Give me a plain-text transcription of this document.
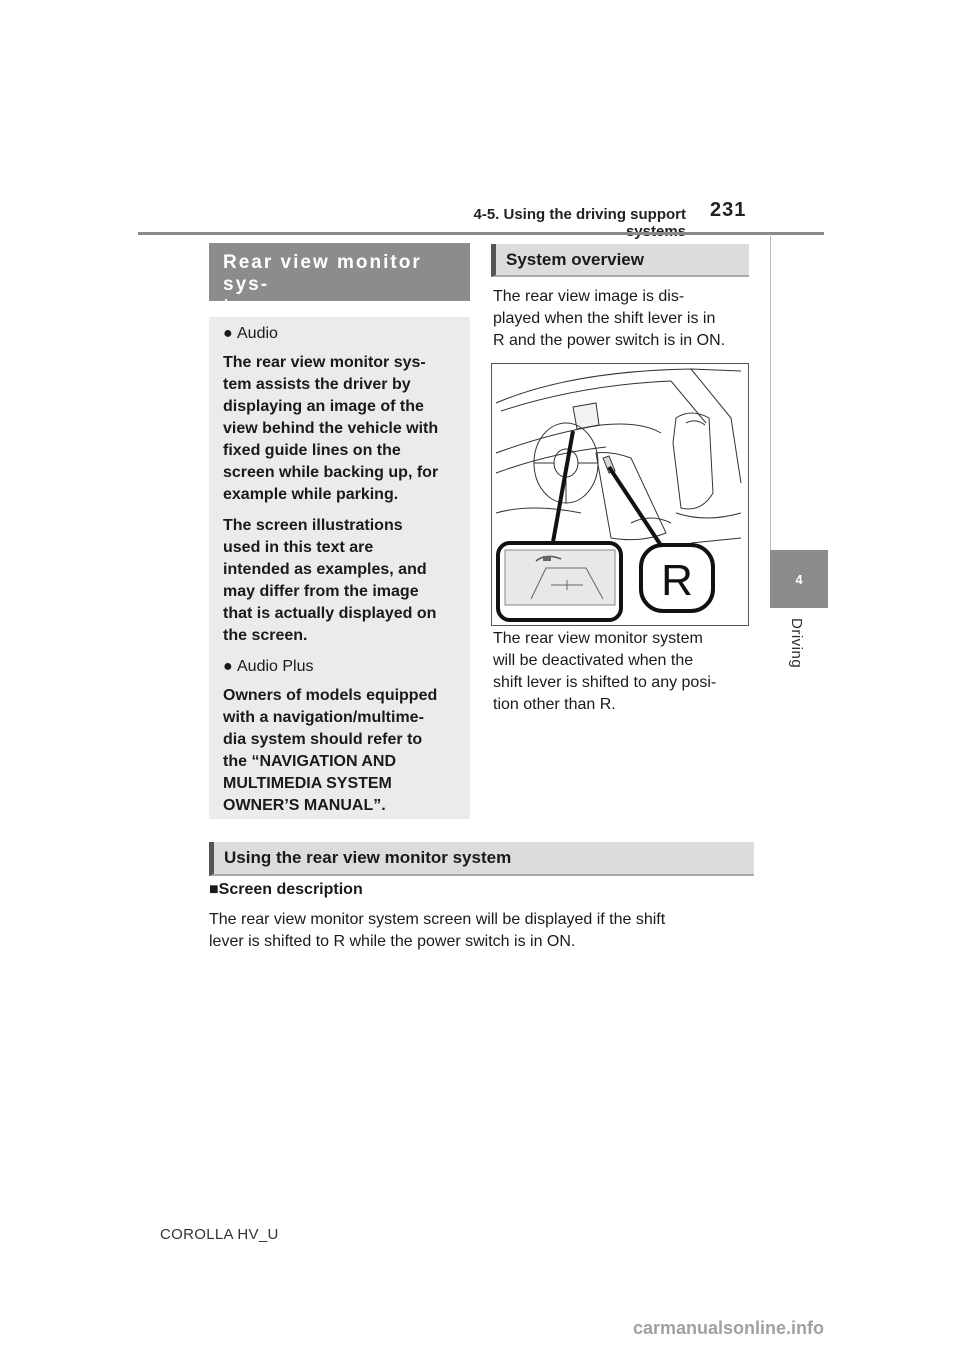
4-5. Using the driving support 231
4
Driving
Rear view monitor sys-
tem

● Audio

The rear view monitor sys-
tem assists the driver by
displaying an image of the
view behind the vehicle with
fixed guide lines on the
screen while backing up, for
example while parking.

The screen illustrations
used in this text are
intended as examples, and
may differ from the image
that is actually displayed on
the screen.

● Audio Plus

Owners of models equipped
with a navigation/multime-
dia system should refer to
the “NAVIGATION AND
MULTIMEDIA SYSTEM
OWNER’S MANUAL”.

System overview
The rear view image is dis-
played when the shift lever is in
R and the power switch is in ON.
R
The rear view monitor system
will be deactivated when the
shift lever is shifted to any posi-
tion other than R.
Using the rear view monitor system
■Screen description
The rear view monitor system screen will be displayed if the shift
lever is shifted to R while the power switch is in ON.
COROLLA HV_U
carmanualsonline.info
